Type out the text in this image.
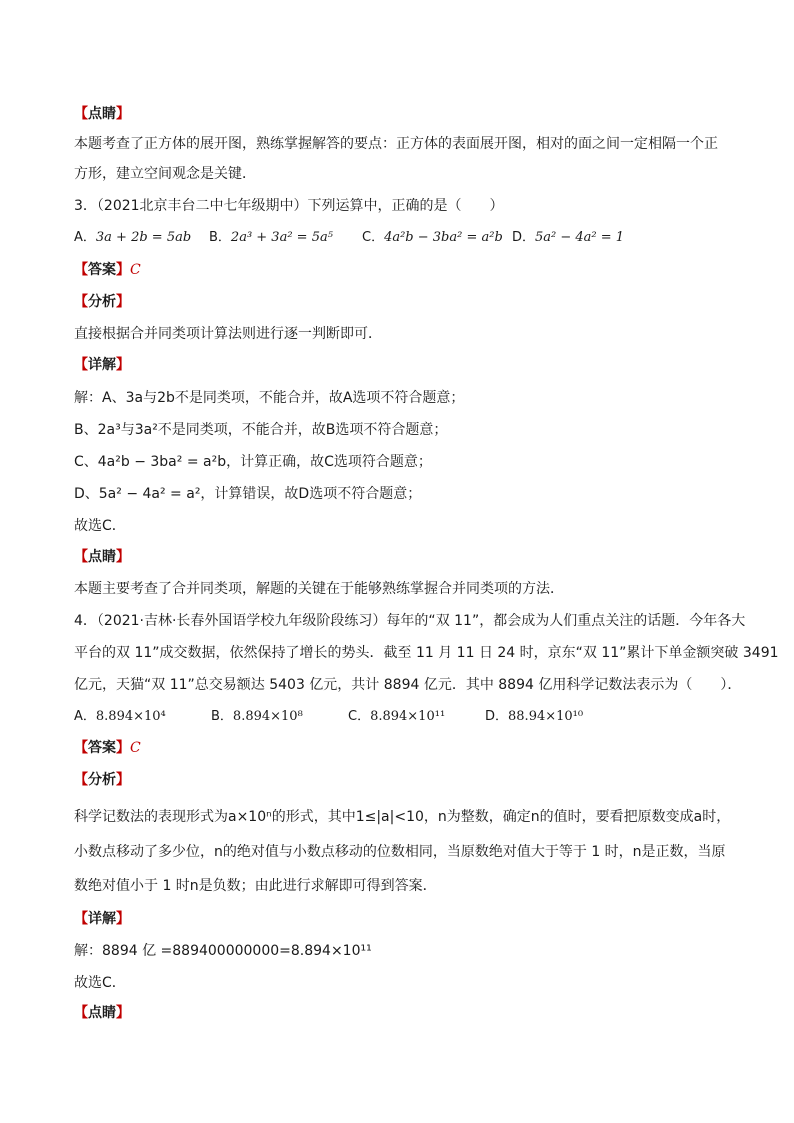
【点睛】
本题考查了正方体的展开图，熟练掌握解答的要点：正方体的表面展开图，相对的面之间一定相隔一个正
方形，建立空间观念是关键．
3．（2021北京丰台二中七年级期中）下列运算中，正确的是（　　）
A．3a + 2b = 5ab B．2a³ + 3a² = 5a⁵ C．4a²b − 3ba² = a²b D．5a² − 4a² = 1
【答案】C
【分析】
直接根据合并同类项计算法则进行逐一判断即可．
【详解】
解：A、3a与2b不是同类项，不能合并，故A选项不符合题意；
B、2a³与3a²不是同类项，不能合并，故B选项不符合题意；
C、4a²b − 3ba² = a²b，计算正确，故C选项符合题意；
D、5a² − 4a² = a²，计算错误，故D选项不符合题意；
故选C．
【点睛】
本题主要考查了合并同类项，解题的关键在于能够熟练掌握合并同类项的方法．
4．（2021·吉林·长春外国语学校九年级阶段练习）每年的“双 11”，都会成为人们重点关注的话题．今年各大
平台的双 11”成交数据，依然保持了增长的势头．截至 11 月 11 日 24 时，京东“双 11”累计下单金额突破 3491
亿元，天猫“双 11”总交易额达 5403 亿元，共计 8894 亿元．其中 8894 亿用科学记数法表示为（　　）．
A．8.894×10⁴	B．8.894×10⁸	C．8.894×10¹¹	D．88.94×10¹⁰
【答案】C
【分析】
科学记数法的表现形式为a×10ⁿ的形式，其中1≤|a|<10，n为整数，确定n的值时，要看把原数变成a时，
小数点移动了多少位，n的绝对值与小数点移动的位数相同，当原数绝对值大于等于 1 时，n是正数，当原
数绝对值小于 1 时n是负数；由此进行求解即可得到答案．
【详解】
解：8894 亿 =889400000000=8.894×10¹¹
故选C．
【点睛】
